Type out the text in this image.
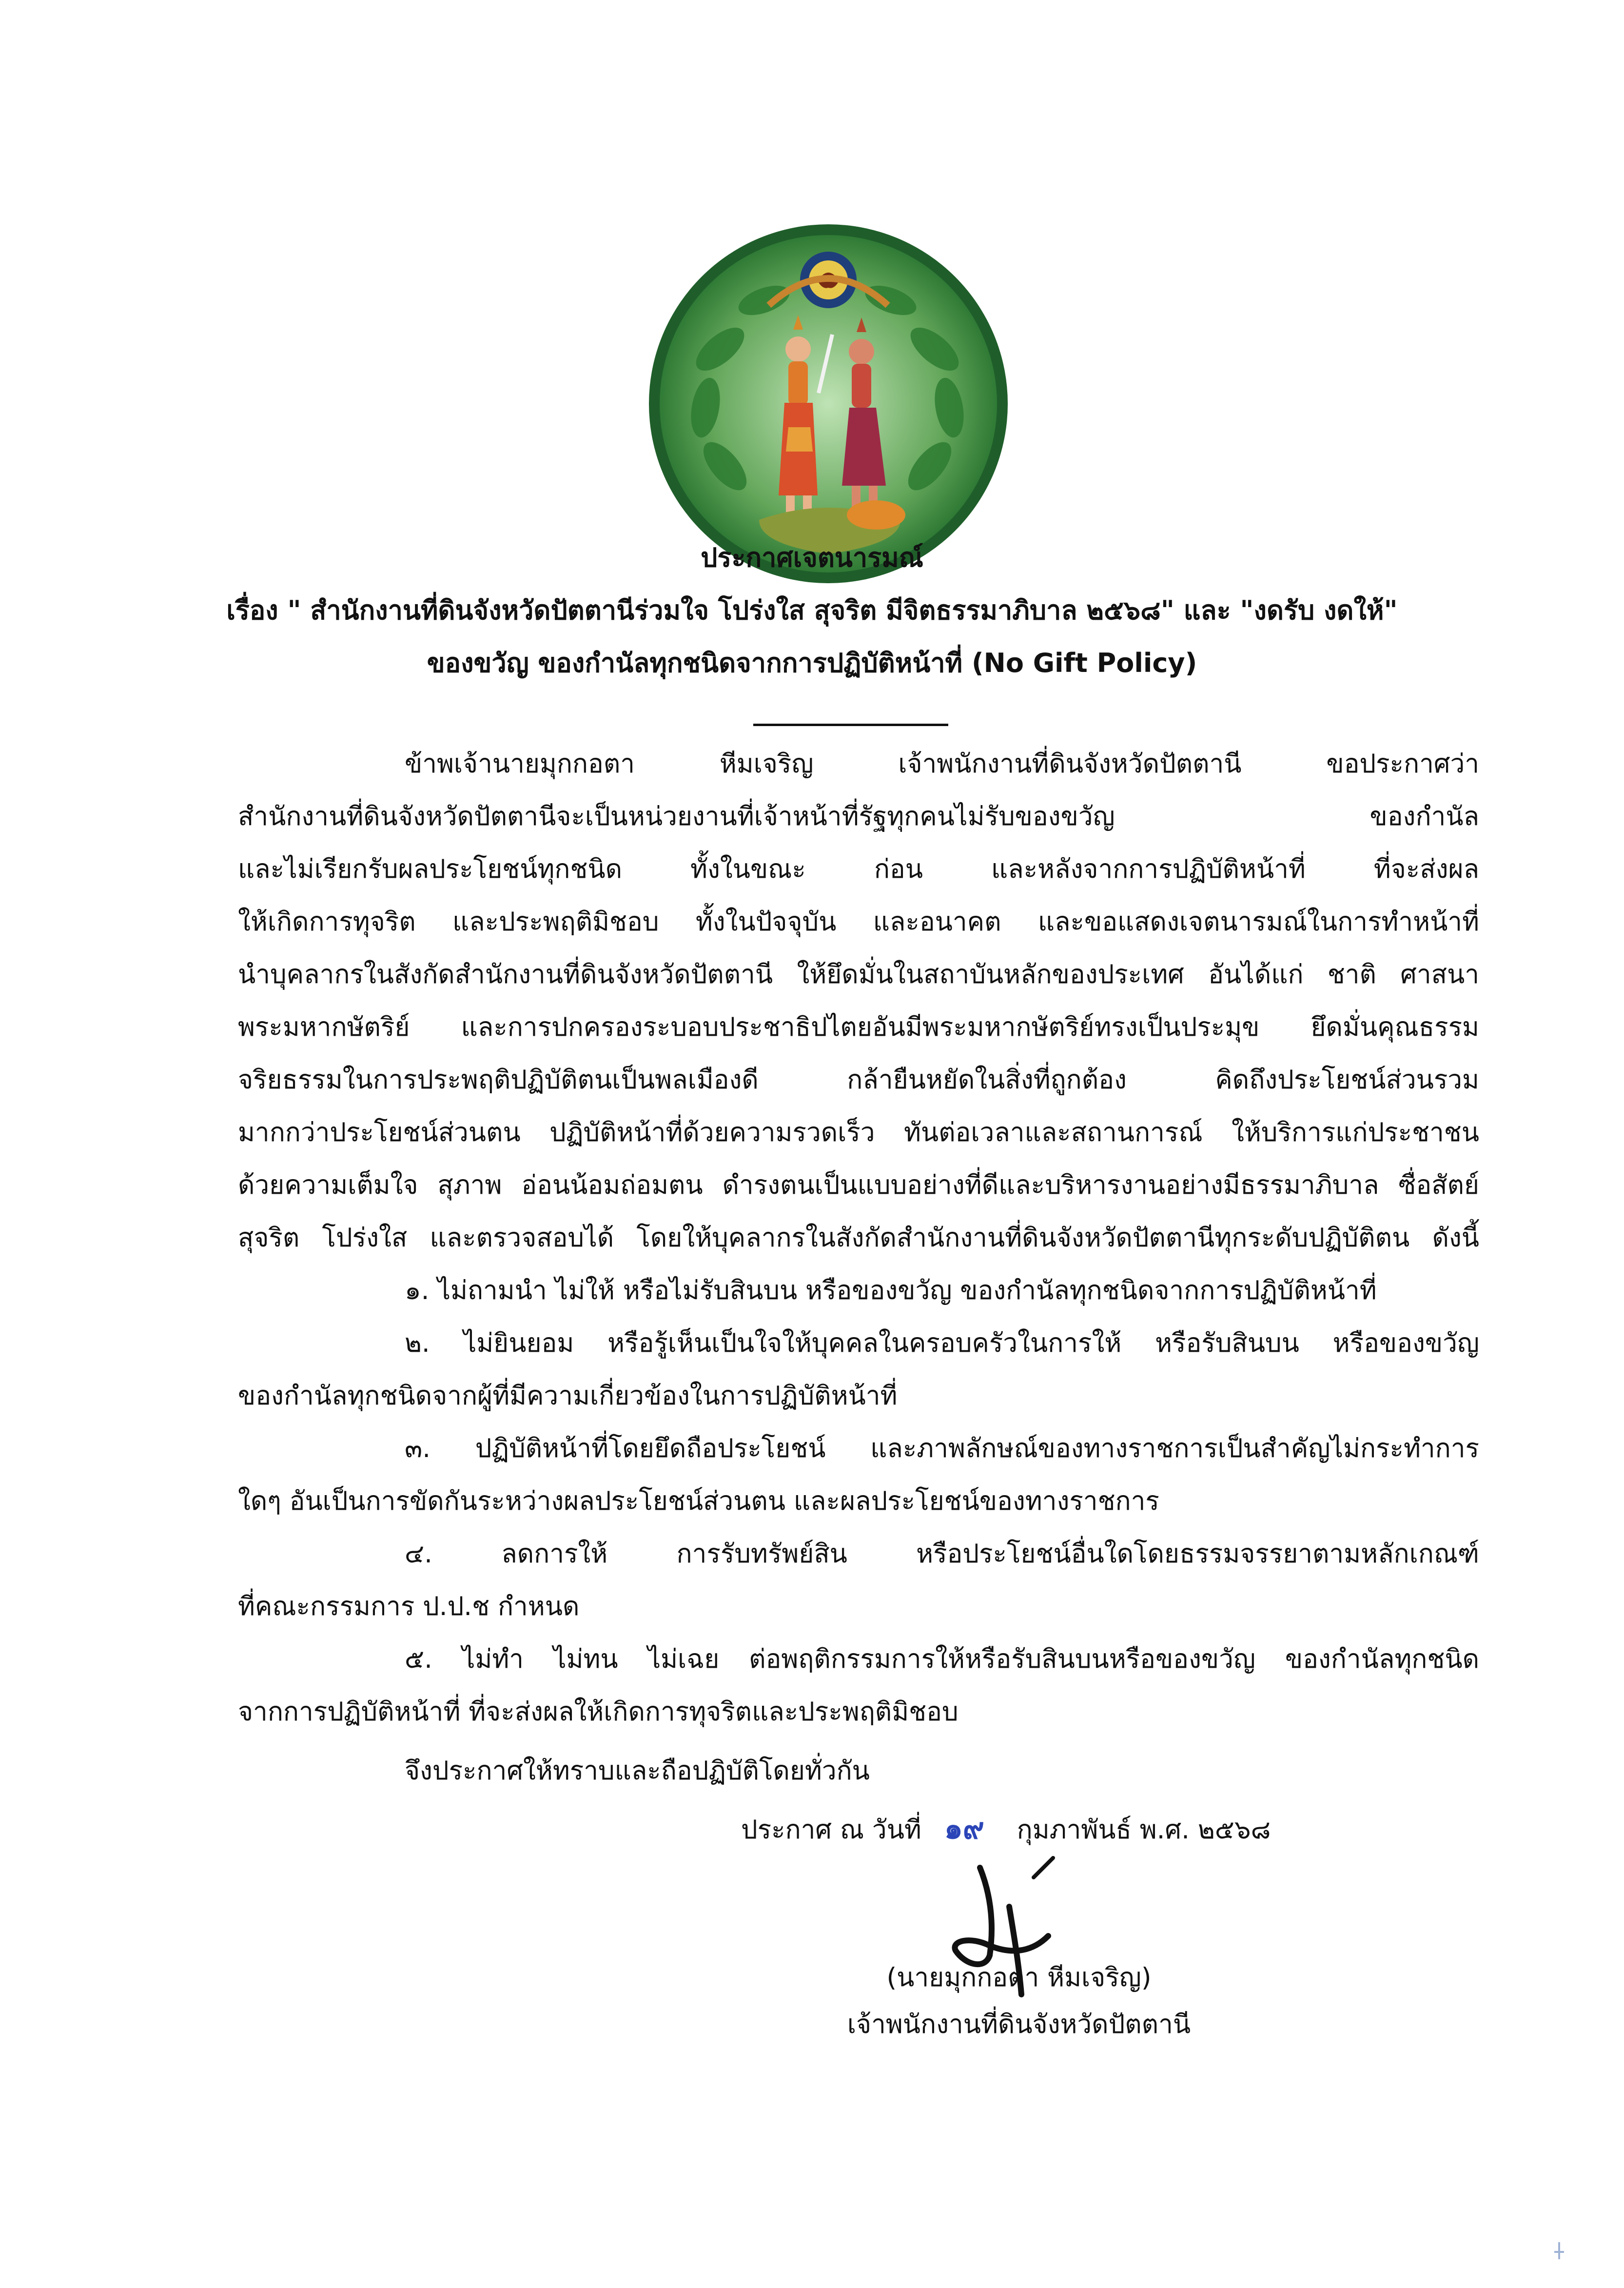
ประกาศเจตนารมณ์
เรื่อง " สำนักงานที่ดินจังหวัดปัตตานีร่วมใจ โปร่งใส สุจริต มีจิตธรรมาภิบาล ๒๕๖๘" และ "งดรับ งดให้"
ของขวัญ ของกำนัลทุกชนิดจากการปฏิบัติหน้าที่ (No Gift Policy)
ข้าพเจ้านายมุกกอตา หีมเจริญ เจ้าพนักงานที่ดินจังหวัดปัตตานี ขอประกาศว่า
สำนักงานที่ดินจังหวัดปัตตานีจะเป็นหน่วยงานที่เจ้าหน้าที่รัฐทุกคนไม่รับของขวัญ ของกำนัล
และไม่เรียกรับผลประโยชน์ทุกชนิด ทั้งในขณะ ก่อน และหลังจากการปฏิบัติหน้าที่ ที่จะส่งผล
ให้เกิดการทุจริต และประพฤติมิชอบ ทั้งในปัจจุบัน และอนาคต และขอแสดงเจตนารมณ์ในการทำหน้าที่
นำบุคลากรในสังกัดสำนักงานที่ดินจังหวัดปัตตานี ให้ยึดมั่นในสถาบันหลักของประเทศ อันได้แก่ ชาติ ศาสนา
พระมหากษัตริย์ และการปกครองระบอบประชาธิปไตยอันมีพระมหากษัตริย์ทรงเป็นประมุข ยึดมั่นคุณธรรม
จริยธรรมในการประพฤติปฏิบัติตนเป็นพลเมืองดี กล้ายืนหยัดในสิ่งที่ถูกต้อง คิดถึงประโยชน์ส่วนรวม
มากกว่าประโยชน์ส่วนตน ปฏิบัติหน้าที่ด้วยความรวดเร็ว ทันต่อเวลาและสถานการณ์ ให้บริการแก่ประชาชน
ด้วยความเต็มใจ สุภาพ อ่อนน้อมถ่อมตน ดำรงตนเป็นแบบอย่างที่ดีและบริหารงานอย่างมีธรรมาภิบาล ซื่อสัตย์
สุจริต โปร่งใส และตรวจสอบได้ โดยให้บุคลากรในสังกัดสำนักงานที่ดินจังหวัดปัตตานีทุกระดับปฏิบัติตน ดังนี้
๑. ไม่ถามนำ ไม่ให้ หรือไม่รับสินบน หรือของขวัญ ของกำนัลทุกชนิดจากการปฏิบัติหน้าที่
๒. ไม่ยินยอม หรือรู้เห็นเป็นใจให้บุคคลในครอบครัวในการให้ หรือรับสินบน หรือของขวัญ
ของกำนัลทุกชนิดจากผู้ที่มีความเกี่ยวข้องในการปฏิบัติหน้าที่
๓. ปฏิบัติหน้าที่โดยยึดถือประโยชน์ และภาพลักษณ์ของทางราชการเป็นสำคัญไม่กระทำการ
ใดๆ อันเป็นการขัดกันระหว่างผลประโยชน์ส่วนตน และผลประโยชน์ของทางราชการ
๔. ลดการให้ การรับทรัพย์สิน หรือประโยชน์อื่นใดโดยธรรมจรรยาตามหลักเกณฑ์
ที่คณะกรรมการ ป.ป.ช กำหนด
๕. ไม่ทำ ไม่ทน ไม่เฉย ต่อพฤติกรรมการให้หรือรับสินบนหรือของขวัญ ของกำนัลทุกชนิด
จากการปฏิบัติหน้าที่ ที่จะส่งผลให้เกิดการทุจริตและประพฤติมิชอบ
จึงประกาศให้ทราบและถือปฏิบัติโดยทั่วกัน
ประกาศ ณ วันที่ ๑๙ กุมภาพันธ์ พ.ศ. ๒๕๖๘
(นายมุกกอตา หีมเจริญ)
เจ้าพนักงานที่ดินจังหวัดปัตตานี
